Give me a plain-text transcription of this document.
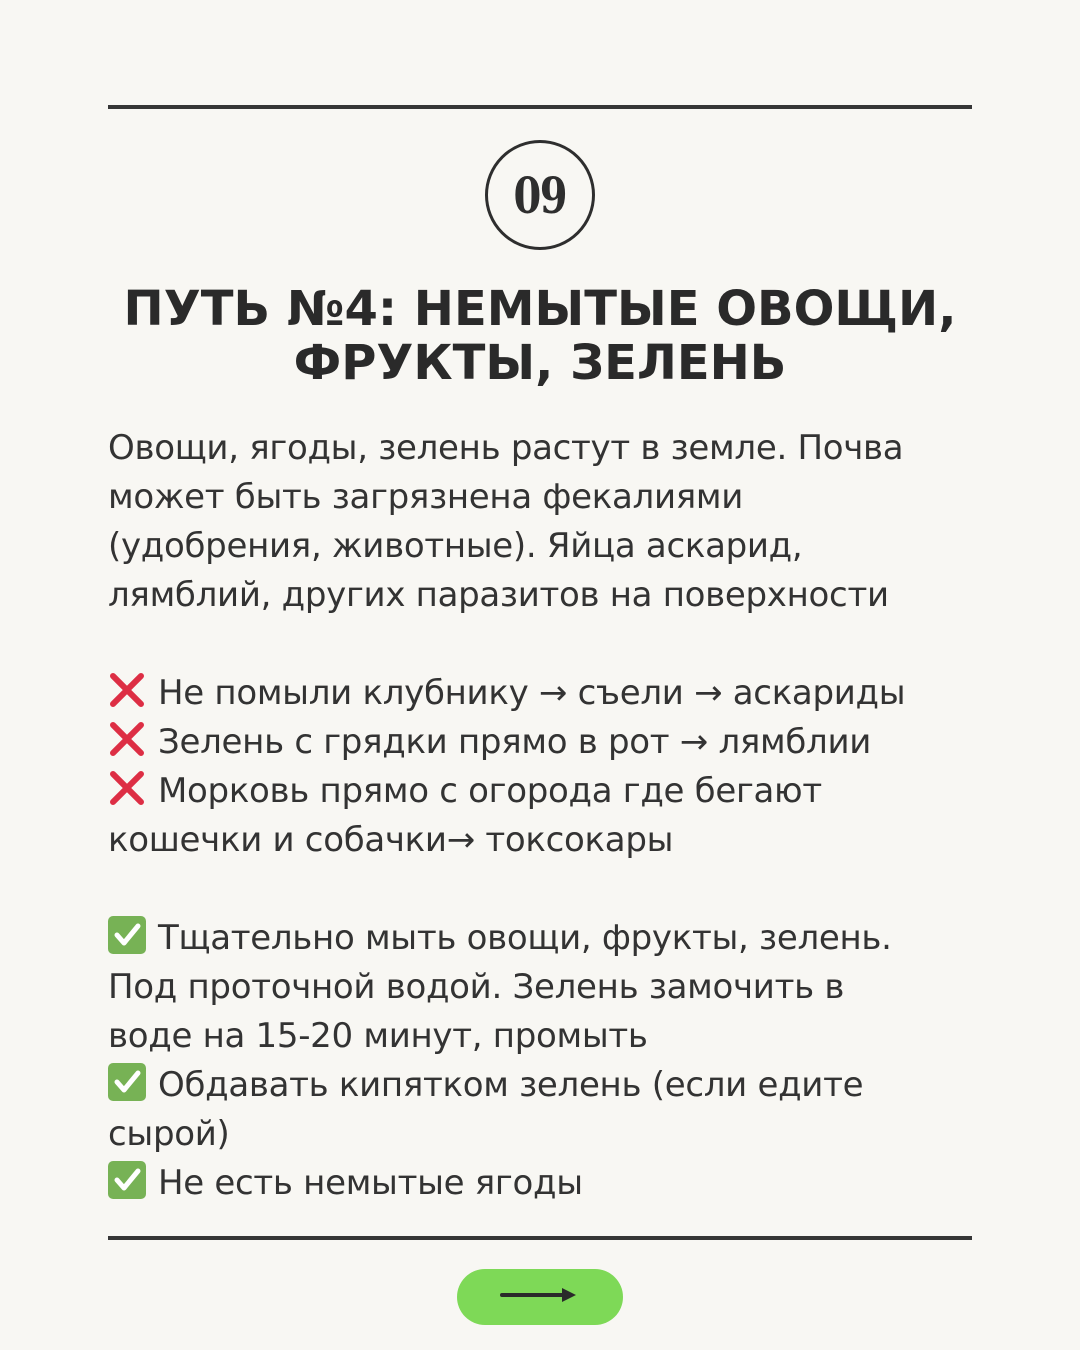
09
ПУТЬ №4: НЕМЫТЫЕ ОВОЩИ,
ФРУКТЫ, ЗЕЛЕНЬ
Овощи, ягоды, зелень растут в земле. Почва
может быть загрязнена фекалиями
(удобрения, животные). Яйца аскарид,
лямблий, других паразитов на поверхности
Не помыли клубнику → съели → аскариды
Зелень с грядки прямо в рот → лямблии
Морковь прямо с огорода где бегают
кошечки и собачки→ токсокары
Тщательно мыть овощи, фрукты, зелень.
Под проточной водой. Зелень замочить в
воде на 15-20 минут, промыть
Обдавать кипятком зелень (если едите
сырой)
Не есть немытые ягоды
